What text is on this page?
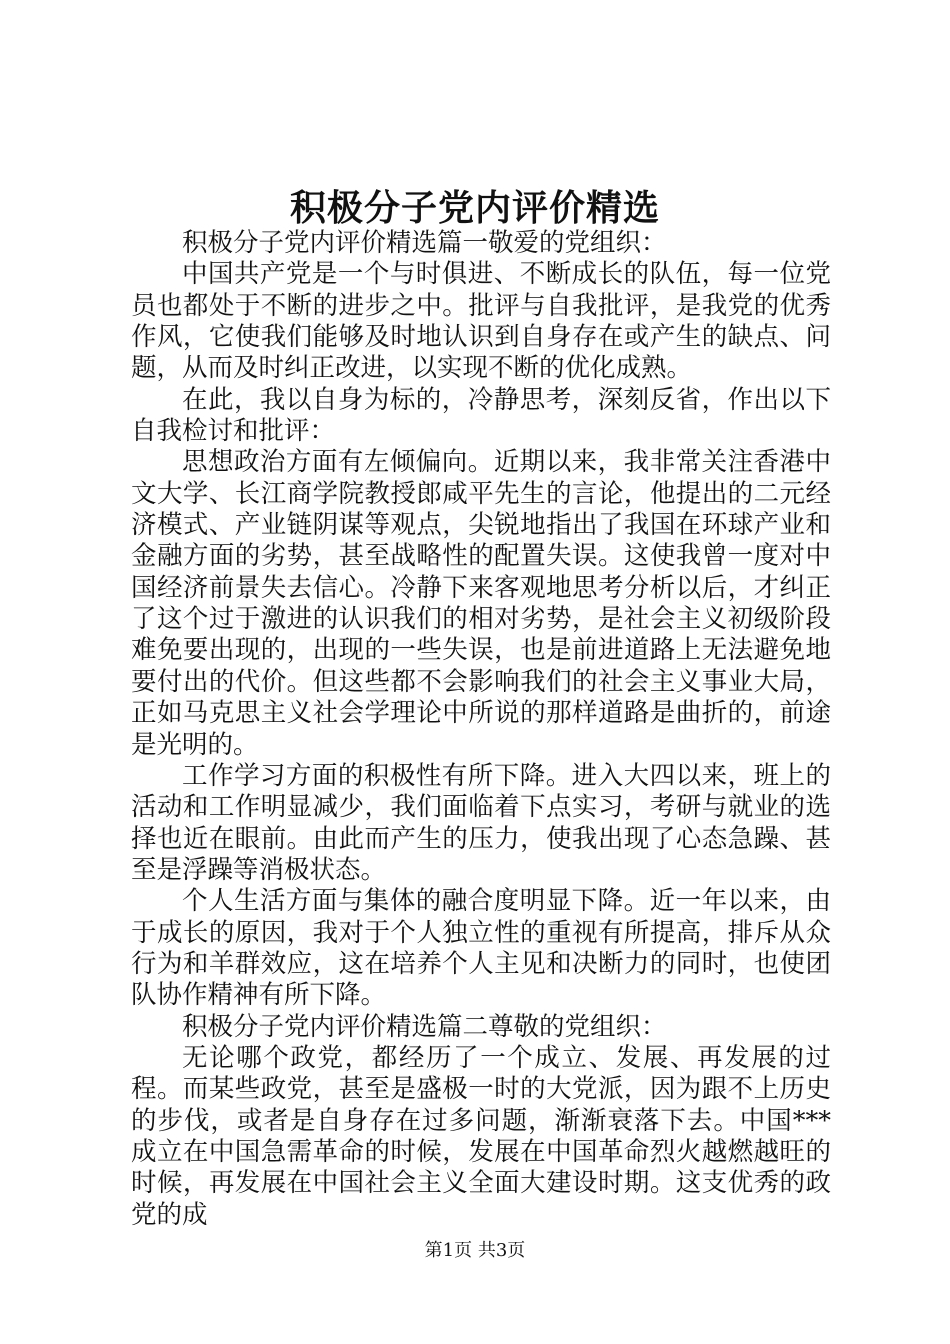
积极分子党内评价精选

积极分子党内评价精选篇一敬爱的党组织：

中国共产党是一个与时俱进、不断成长的队伍，每一位党员也都处于不断的进步之中。批评与自我批评，是我党的优秀作风，它使我们能够及时地认识到自身存在或产生的缺点、问题，从而及时纠正改进，以实现不断的优化成熟。

在此，我以自身为标的，冷静思考，深刻反省，作出以下自我检讨和批评：

思想政治方面有左倾偏向。近期以来，我非常关注香港中文大学、长江商学院教授郎咸平先生的言论，他提出的二元经济模式、产业链阴谋等观点，尖锐地指出了我国在环球产业和金融方面的劣势，甚至战略性的配置失误。这使我曾一度对中国经济前景失去信心。冷静下来客观地思考分析以后，才纠正了这个过于激进的认识我们的相对劣势，是社会主义初级阶段难免要出现的，出现的一些失误，也是前进道路上无法避免地要付出的代价。但这些都不会影响我们的社会主义事业大局，正如马克思主义社会学理论中所说的那样道路是曲折的，前途是光明的。

工作学习方面的积极性有所下降。进入大四以来，班上的活动和工作明显减少，我们面临着下点实习，考研与就业的选择也近在眼前。由此而产生的压力，使我出现了心态急躁、甚至是浮躁等消极状态。

个人生活方面与集体的融合度明显下降。近一年以来，由于成长的原因，我对于个人独立性的重视有所提高，排斥从众行为和羊群效应，这在培养个人主见和决断力的同时，也使团队协作精神有所下降。

积极分子党内评价精选篇二尊敬的党组织：

无论哪个政党，都经历了一个成立、发展、再发展的过程。而某些政党，甚至是盛极一时的大党派，因为跟不上历史的步伐，或者是自身存在过多问题，渐渐衰落下去。中国***成立在中国急需革命的时候，发展在中国革命烈火越燃越旺的时候，再发展在中国社会主义全面大建设时期。这支优秀的政党的成

第1页 共3页
